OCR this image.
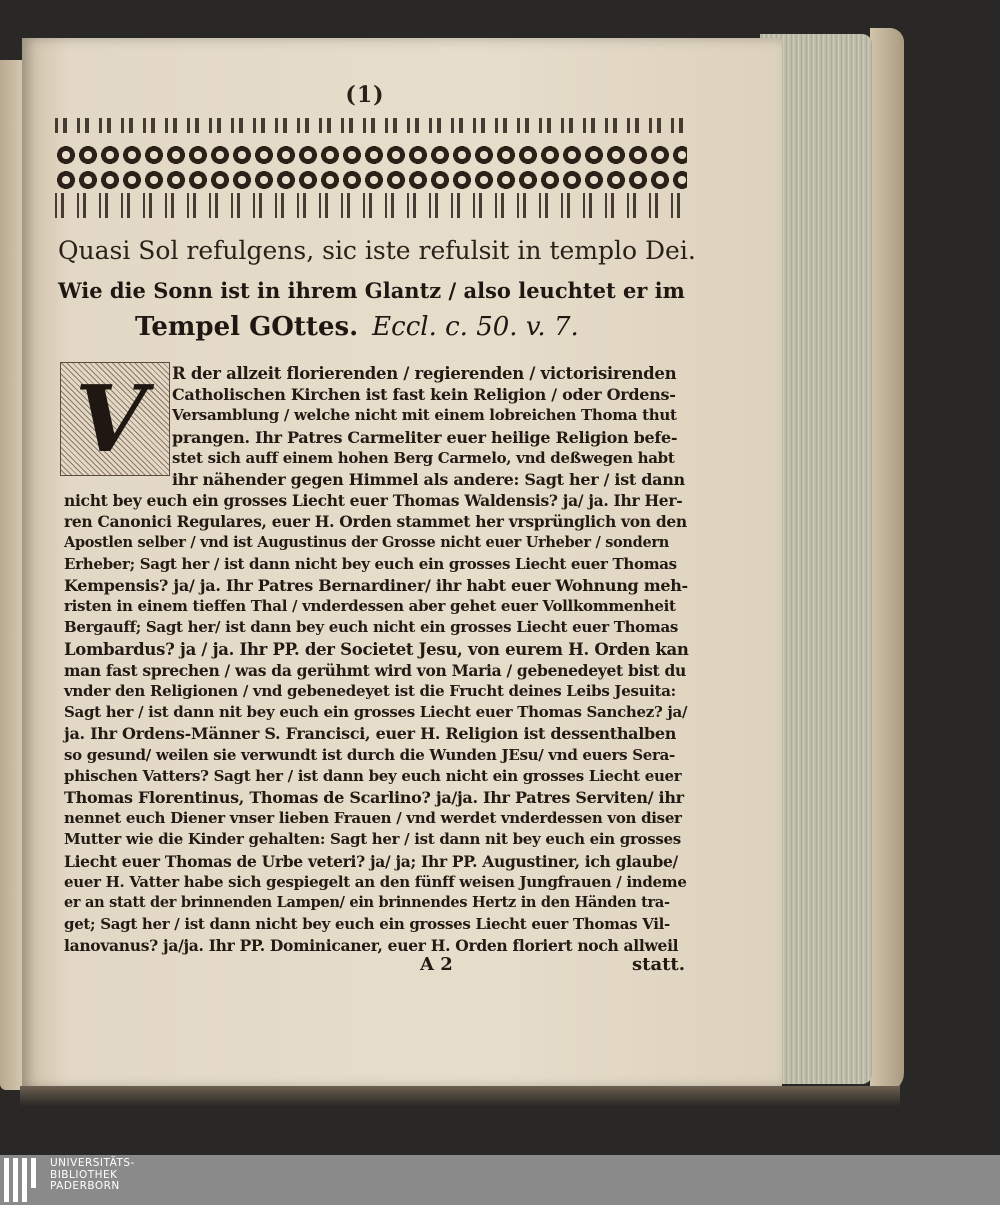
(1)
Quasi Sol refulgens, sic iste refulsit in templo Dei.
Wie die Sonn ist in ihrem Glantz / also leuchtet er im
Tempel GOttes. Eccl. c. 50. v. 7.
V R der allzeit florierenden / regierenden / victorisirenden
Catholischen Kirchen ist fast kein Religion / oder Ordens-
Versamblung / welche nicht mit einem lobreichen Thoma thut
prangen. Ihr Patres Carmeliter euer heilige Religion befe-
stet sich auff einem hohen Berg Carmelo, vnd deßwegen habt
ihr nähender gegen Himmel als andere: Sagt her / ist dann
nicht bey euch ein grosses Liecht euer Thomas Waldensis? ja/ ja. Ihr Her-
ren Canonici Regulares, euer H. Orden stammet her vrsprünglich von den
Apostlen selber / vnd ist Augustinus der Grosse nicht euer Urheber / sondern
Erheber; Sagt her / ist dann nicht bey euch ein grosses Liecht euer Thomas
Kempensis? ja/ ja. Ihr Patres Bernardiner/ ihr habt euer Wohnung meh-
risten in einem tieffen Thal / vnderdessen aber gehet euer Vollkommenheit
Bergauff; Sagt her/ ist dann bey euch nicht ein grosses Liecht euer Thomas
Lombardus? ja / ja. Ihr PP. der Societet Jesu, von eurem H. Orden kan
man fast sprechen / was da gerühmt wird von Maria / gebenedeyet bist du
vnder den Religionen / vnd gebenedeyet ist die Frucht deines Leibs Jesuita:
Sagt her / ist dann nit bey euch ein grosses Liecht euer Thomas Sanchez? ja/
ja. Ihr Ordens-Männer S. Francisci, euer H. Religion ist dessenthalben
so gesund/ weilen sie verwundt ist durch die Wunden JEsu/ vnd euers Sera-
phischen Vatters? Sagt her / ist dann bey euch nicht ein grosses Liecht euer
Thomas Florentinus, Thomas de Scarlino? ja/ja. Ihr Patres Serviten/ ihr
nennet euch Diener vnser lieben Frauen / vnd werdet vnderdessen von diser
Mutter wie die Kinder gehalten: Sagt her / ist dann nit bey euch ein grosses
Liecht euer Thomas de Urbe veteri? ja/ ja; Ihr PP. Augustiner, ich glaube/
euer H. Vatter habe sich gespiegelt an den fünff weisen Jungfrauen / indeme
er an statt der brinnenden Lampen/ ein brinnendes Hertz in den Händen tra-
get; Sagt her / ist dann nicht bey euch ein grosses Liecht euer Thomas Vil-
lanovanus? ja/ja. Ihr PP. Dominicaner, euer H. Orden floriert noch allweil
A 2	statt.
UNIVERSITÄTS-
BIBLIOTHEK
PADERBORN
